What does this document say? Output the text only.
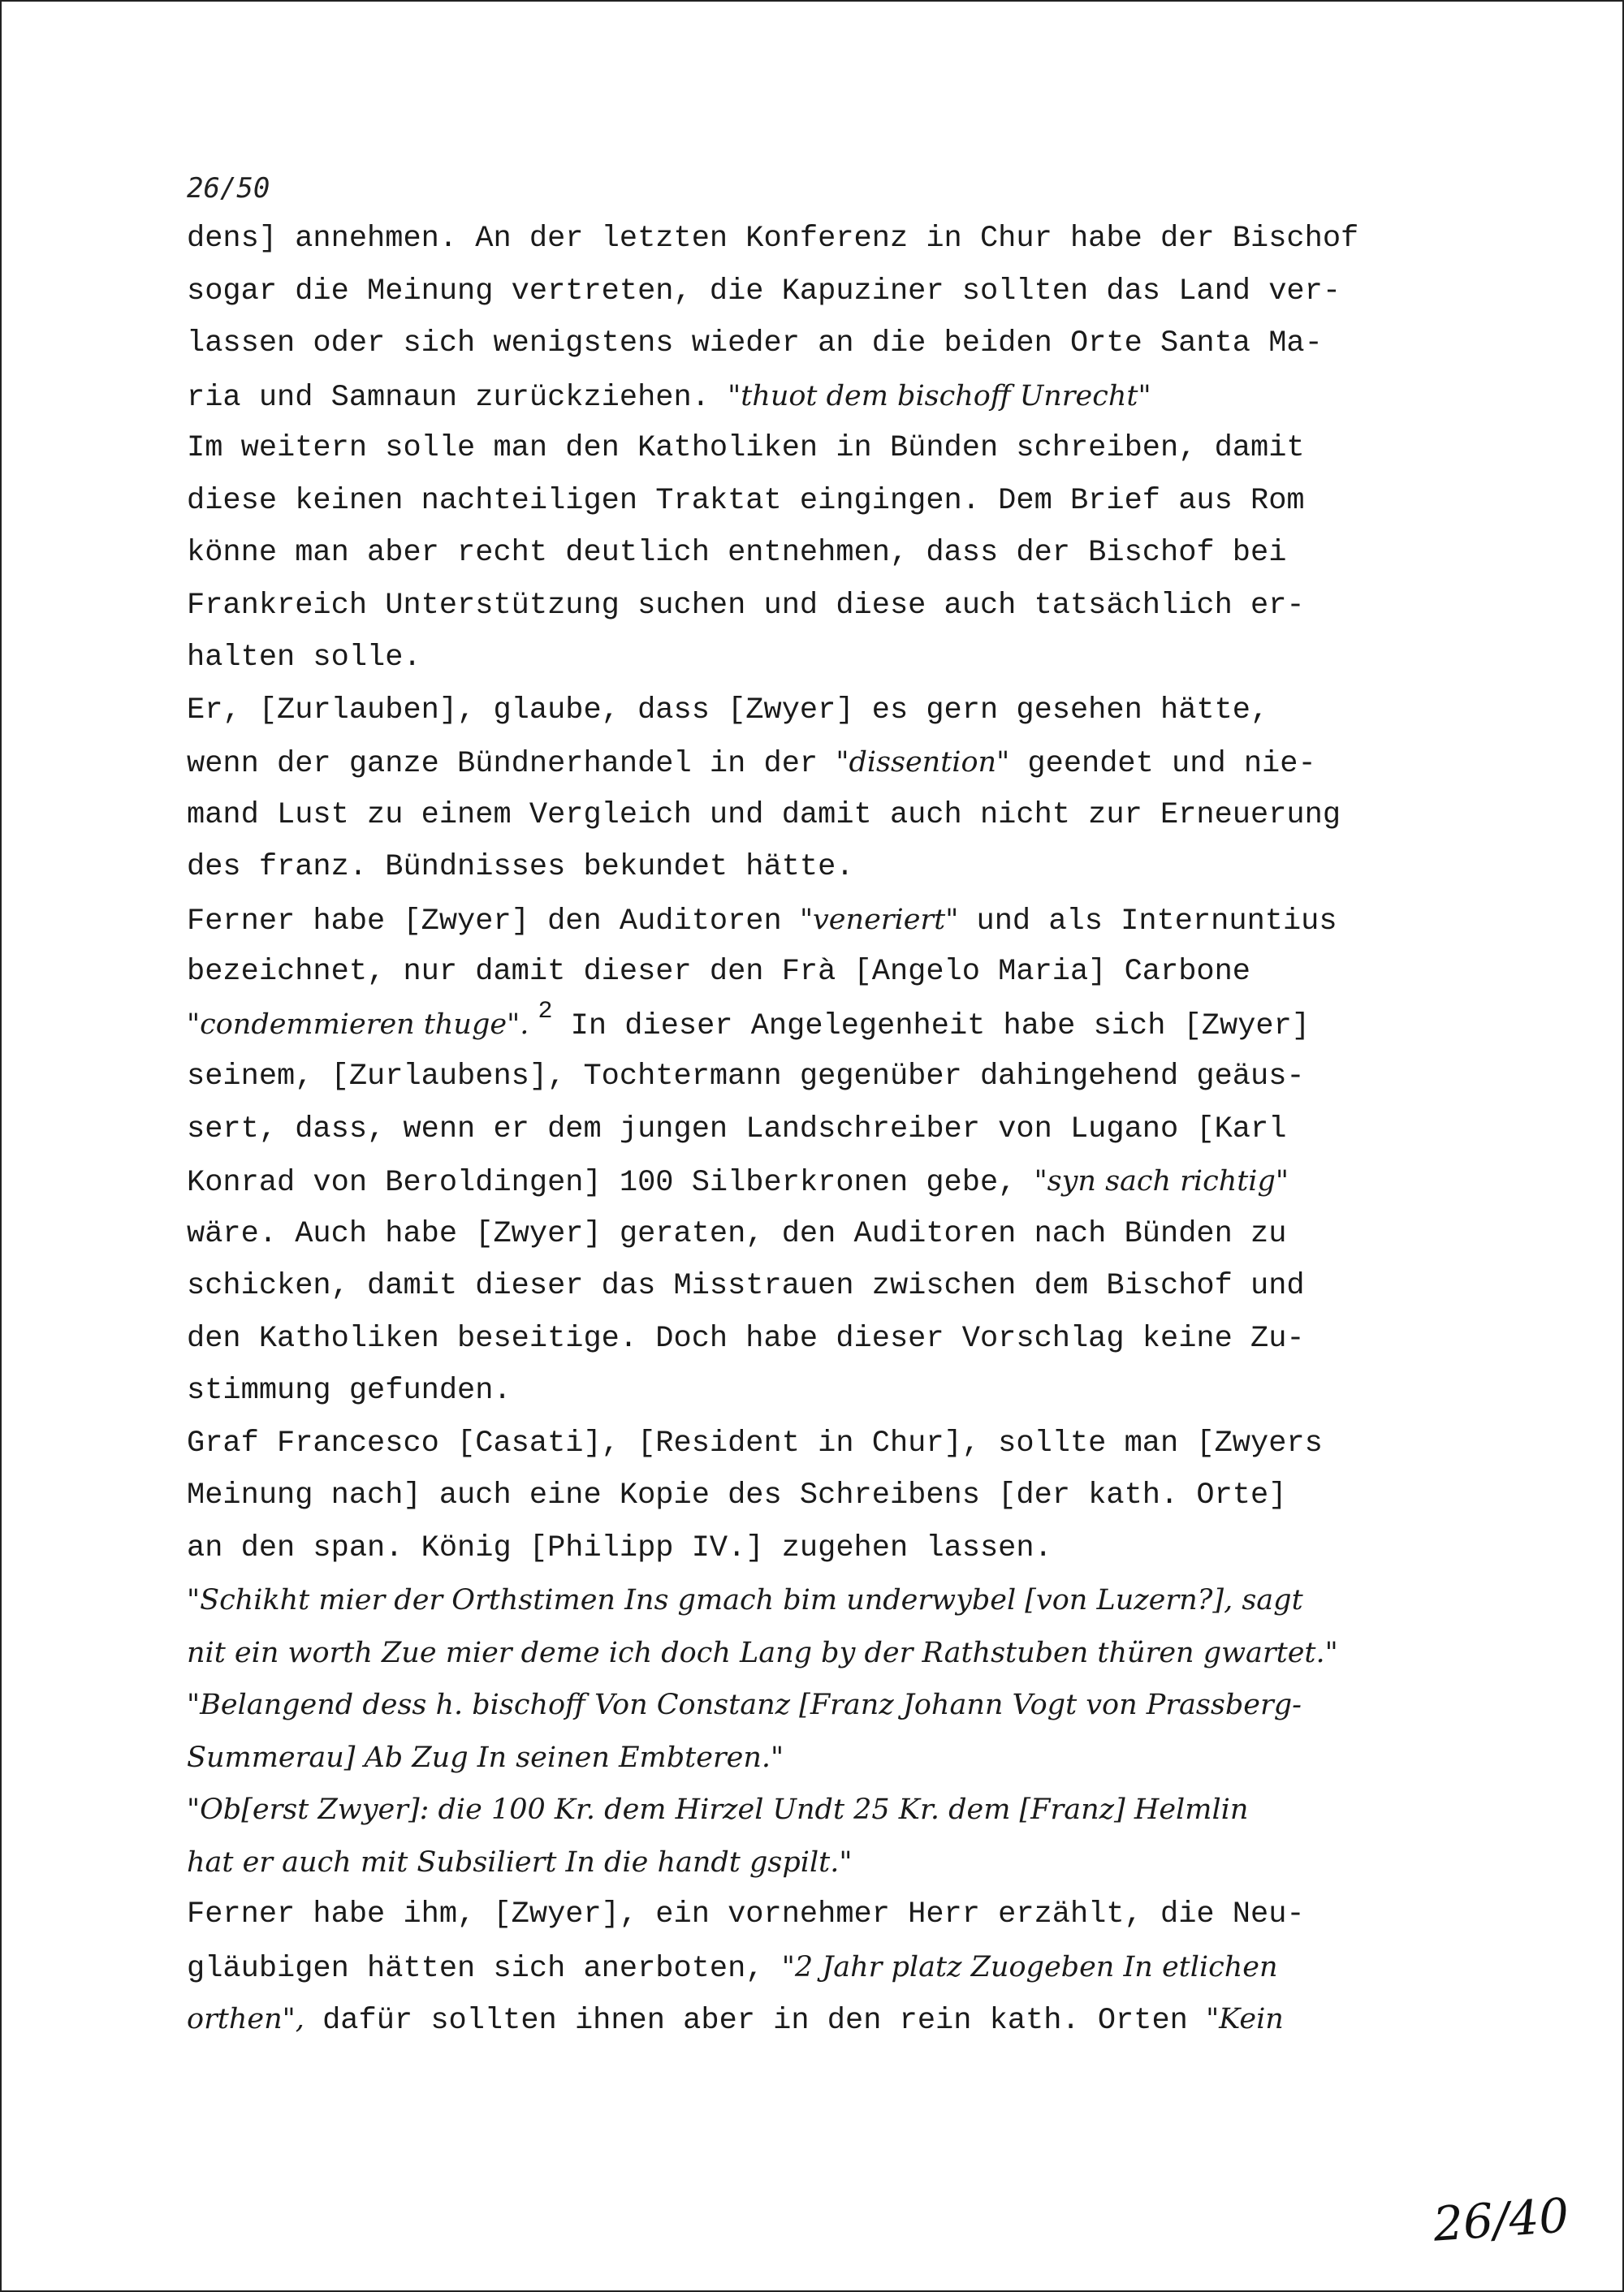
26/50
dens] annehmen. An der letzten Konferenz in Chur habe der Bischof
sogar die Meinung vertreten, die Kapuziner sollten das Land ver-
lassen oder sich wenigstens wieder an die beiden Orte Santa Ma-
ria und Samnaun zurückziehen. "thuot dem bischoff Unrecht"
Im weitern solle man den Katholiken in Bünden schreiben, damit
diese keinen nachteiligen Traktat eingingen. Dem Brief aus Rom
könne man aber recht deutlich entnehmen, dass der Bischof bei
Frankreich Unterstützung suchen und diese auch tatsächlich er-
halten solle.
Er, [Zurlauben], glaube, dass [Zwyer] es gern gesehen hätte,
wenn der ganze Bündnerhandel in der "dissention" geendet und nie-
mand Lust zu einem Vergleich und damit auch nicht zur Erneuerung
des franz. Bündnisses bekundet hätte.
Ferner habe [Zwyer] den Auditoren "veneriert" und als Internuntius
bezeichnet, nur damit dieser den Frà [Angelo Maria] Carbone
"condemmieren thuge". $^2$ In dieser Angelegenheit habe sich [Zwyer]
seinem, [Zurlaubens], Tochtermann gegenüber dahingehend geäus-
sert, dass, wenn er dem jungen Landschreiber von Lugano [Karl
Konrad von Beroldingen] 100 Silberkronen gebe, "syn sach richtig"
wäre. Auch habe [Zwyer] geraten, den Auditoren nach Bünden zu
schicken, damit dieser das Misstrauen zwischen dem Bischof und
den Katholiken beseitige. Doch habe dieser Vorschlag keine Zu-
stimmung gefunden.
Graf Francesco [Casati], [Resident in Chur], sollte man [Zwyers
Meinung nach] auch eine Kopie des Schreibens [der kath. Orte]
an den span. König [Philipp IV.] zugehen lassen.
"Schikht mier der Orthstimen Ins gmach bim underwybel [von Luzern?], sagt
nit ein worth Zue mier deme ich doch Lang by der Rathstuben thüren gwartet."
"Belangend dess h. bischoff Von Constanz [Franz Johann Vogt von Prassberg-
Summerau] Ab Zug In seinen Embteren."
"Ob[erst Zwyer]: die 100 Kr. dem Hirzel Undt 25 Kr. dem [Franz] Helmlin
hat er auch mit Subsiliert In die handt gspilt."
Ferner habe ihm, [Zwyer], ein vornehmer Herr erzählt, die Neu-
gläubigen hätten sich anerboten, "2 Jahr platz Zuogeben In etlichen
orthen", dafür sollten ihnen aber in den rein kath. Orten "Kein
26/40
